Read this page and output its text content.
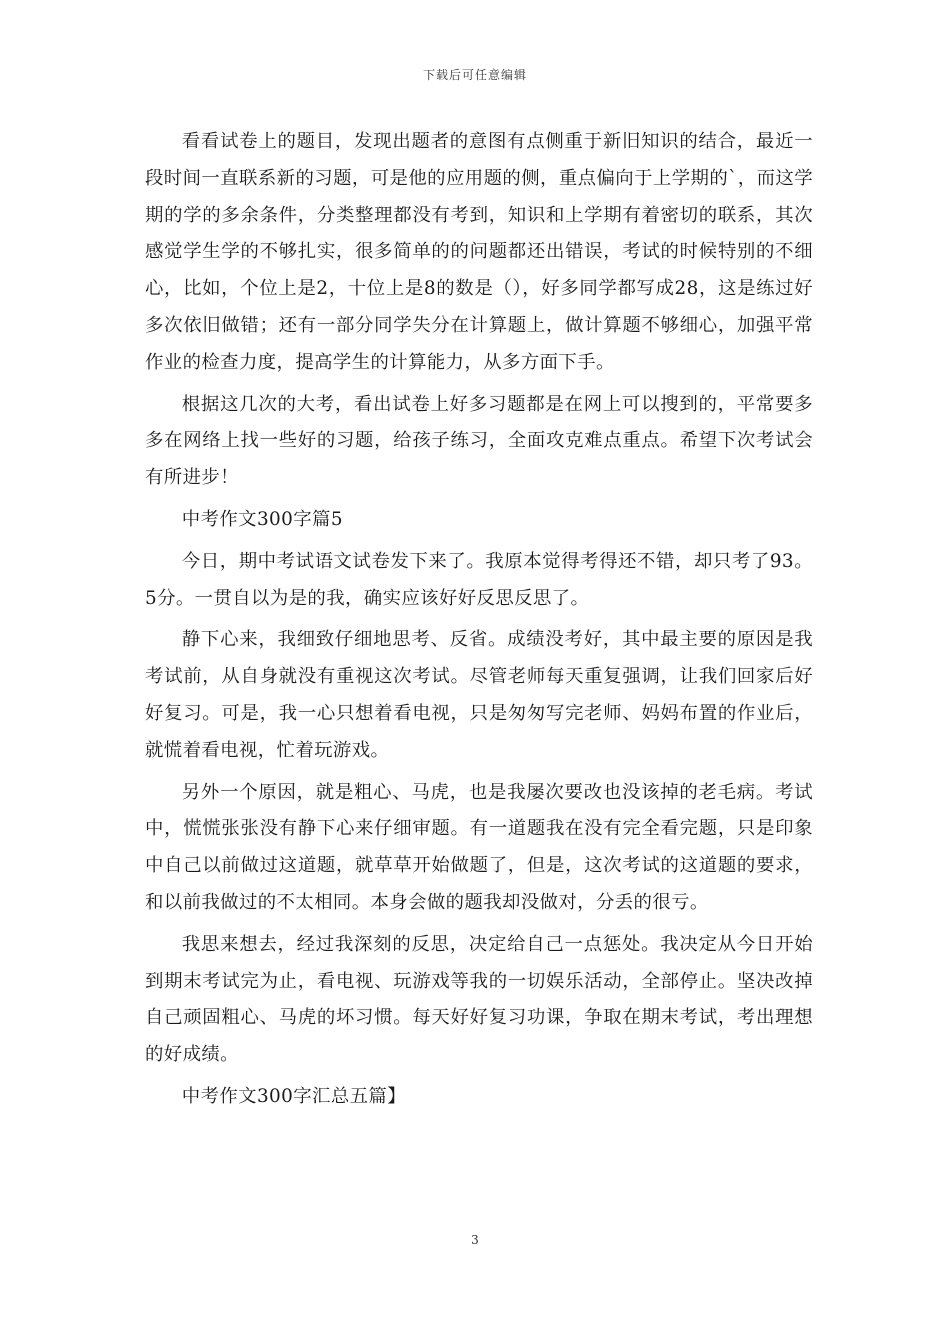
下载后可任意编辑

看看试卷上的题目，发现出题者的意图有点侧重于新旧知识的结合，最近一段时间一直联系新的习题，可是他的应用题的侧，重点偏向于上学期的`，而这学期的学的多余条件，分类整理都没有考到，知识和上学期有着密切的联系，其次感觉学生学的不够扎实，很多简单的的问题都还出错误，考试的时候特别的不细心，比如，个位上是2，十位上是8的数是（），好多同学都写成28，这是练过好多次依旧做错；还有一部分同学失分在计算题上，做计算题不够细心，加强平常作业的检查力度，提高学生的计算能力，从多方面下手。

根据这几次的大考，看出试卷上好多习题都是在网上可以搜到的，平常要多多在网络上找一些好的习题，给孩子练习，全面攻克难点重点。希望下次考试会有所进步！

中考作文300字篇5

今日，期中考试语文试卷发下来了。我原本觉得考得还不错，却只考了93。5分。一贯自以为是的我，确实应该好好反思反思了。

静下心来，我细致仔细地思考、反省。成绩没考好，其中最主要的原因是我考试前，从自身就没有重视这次考试。尽管老师每天重复强调，让我们回家后好好复习。可是，我一心只想着看电视，只是匆匆写完老师、妈妈布置的作业后，就慌着看电视，忙着玩游戏。

另外一个原因，就是粗心、马虎，也是我屡次要改也没该掉的老毛病。考试中，慌慌张张没有静下心来仔细审题。有一道题我在没有完全看完题，只是印象中自己以前做过这道题，就草草开始做题了，但是，这次考试的这道题的要求，和以前我做过的不太相同。本身会做的题我却没做对，分丢的很亏。

我思来想去，经过我深刻的反思，决定给自己一点惩处。我决定从今日开始到期末考试完为止，看电视、玩游戏等我的一切娱乐活动，全部停止。坚决改掉自己顽固粗心、马虎的坏习惯。每天好好复习功课，争取在期末考试，考出理想的好成绩。

中考作文300字汇总五篇】

3
